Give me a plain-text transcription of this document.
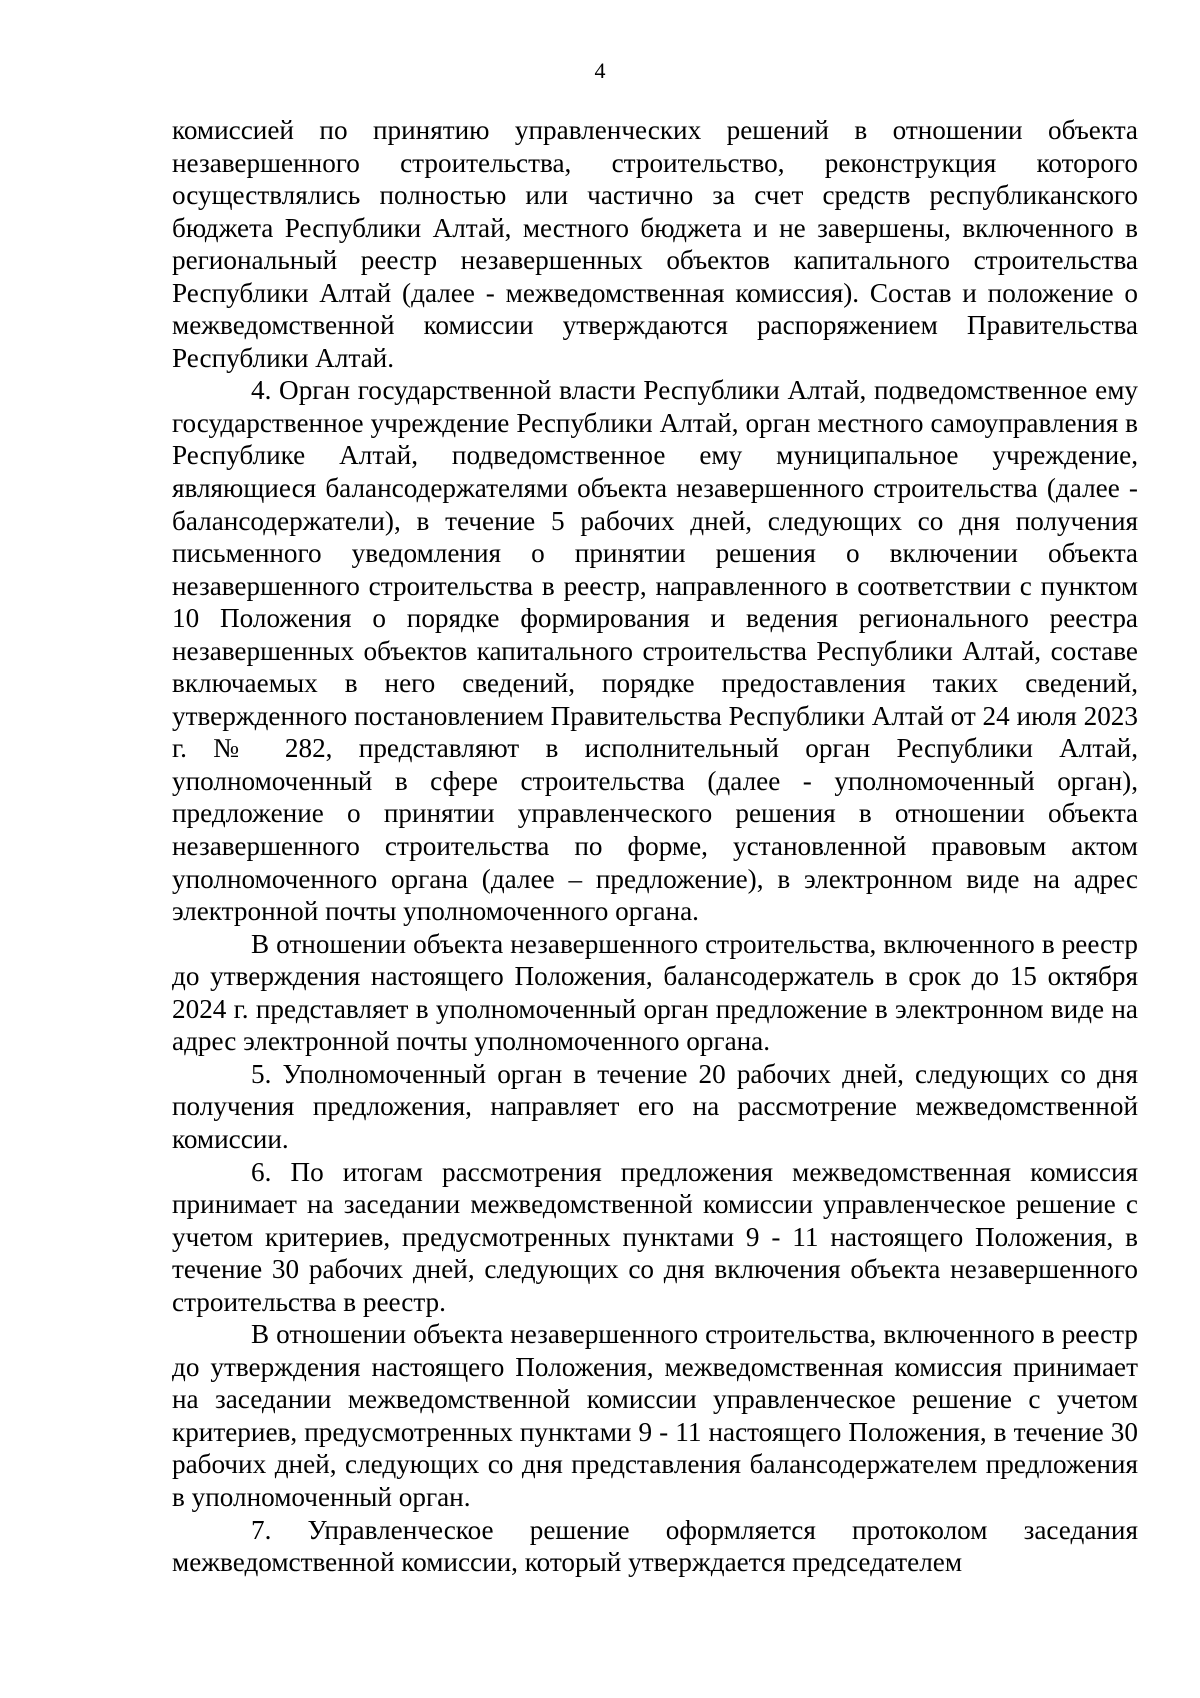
4

комиссией по принятию управленческих решений в отношении объекта незавершенного строительства, строительство, реконструкция которого осуществлялись полностью или частично за счет средств республиканского бюджета Республики Алтай, местного бюджета и не завершены, включенного в региональный реестр незавершенных объектов капитального строительства Республики Алтай (далее - межведомственная комиссия). Состав и положение о межведомственной комиссии утверждаются распоряжением Правительства Республики Алтай.

4. Орган государственной власти Республики Алтай, подведомственное ему государственное учреждение Республики Алтай, орган местного самоуправления в Республике Алтай, подведомственное ему муниципальное учреждение, являющиеся балансодержателями объекта незавершенного строительства (далее - балансодержатели), в течение 5 рабочих дней, следующих со дня получения письменного уведомления о принятии решения о включении объекта незавершенного строительства в реестр, направленного в соответствии с пунктом 10 Положения о порядке формирования и ведения регионального реестра незавершенных объектов капитального строительства Республики Алтай, составе включаемых в него сведений, порядке предоставления таких сведений, утвержденного постановлением Правительства Республики Алтай от 24 июля 2023 г. № 282, представляют в исполнительный орган Республики Алтай, уполномоченный в сфере строительства (далее - уполномоченный орган), предложение о принятии управленческого решения в отношении объекта незавершенного строительства по форме, установленной правовым актом уполномоченного органа (далее – предложение), в электронном виде на адрес электронной почты уполномоченного органа.

В отношении объекта незавершенного строительства, включенного в реестр до утверждения настоящего Положения, балансодержатель в срок до 15 октября 2024 г. представляет в уполномоченный орган предложение в электронном виде на адрес электронной почты уполномоченного органа.

5. Уполномоченный орган в течение 20 рабочих дней, следующих со дня получения предложения, направляет его на рассмотрение межведомственной комиссии.

6. По итогам рассмотрения предложения межведомственная комиссия принимает на заседании межведомственной комиссии управленческое решение с учетом критериев, предусмотренных пунктами 9 - 11 настоящего Положения, в течение 30 рабочих дней, следующих со дня включения объекта незавершенного строительства в реестр.

В отношении объекта незавершенного строительства, включенного в реестр до утверждения настоящего Положения, межведомственная комиссия принимает на заседании межведомственной комиссии управленческое решение с учетом критериев, предусмотренных пунктами 9 - 11 настоящего Положения, в течение 30 рабочих дней, следующих со дня представления балансодержателем предложения в уполномоченный орган.

7. Управленческое решение оформляется протоколом заседания межведомственной комиссии, который утверждается председателем
